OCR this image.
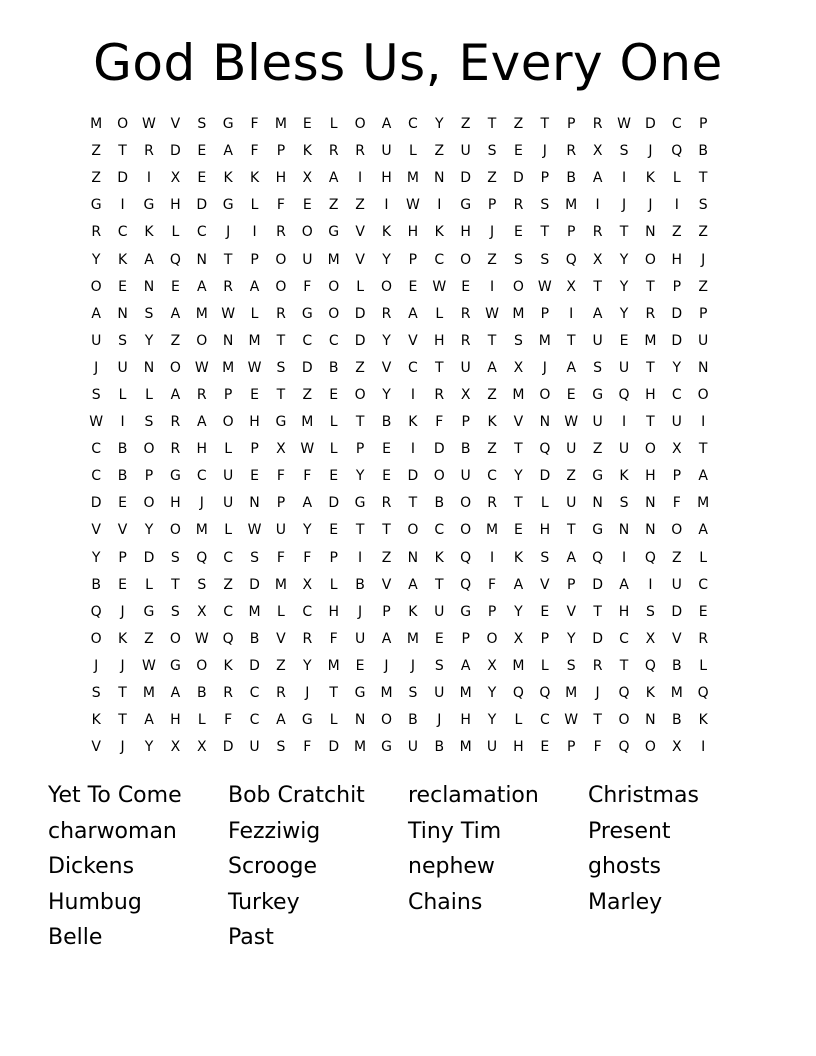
God Bless Us, Every One
M	O W	V	S	G	F	M	E	L	O	A	C	Y	Z	T	Z	T	P	R	W	D	C	P
Z	T	R	D	E	A	F	P	K	R	R	U	L	Z	U	S	E	J	R	X	S	J	Q	B
Z	D	I	X	E	K	K	H	X	A	I	H	M	N	D	Z	D	P	B	A	I	K	L	T
G	I	G	H	D	G	L	F	E	Z	Z	I	W	I	G	P	R	S	M	I	J	J	I	S
R	C	K	L	C	J	I	R	O	G	V	K	H	K	H	J	E	T	P	R	T	N	Z	Z
Y	K	A	Q	N	T	P	O	U	M	V	Y	P	C	O	Z	S	S	Q	X	Y	O	H	J
O	E	N	E	A	R	A	O	F	O	L	O	E	W	E	I	O W	X	T	Y	T	P	Z
A	N	S	A	M W	L	R	G	O	D	R	A	L	R	W M	P	I	A	Y	R	D	P
U	S	Y	Z	O	N	M	T	C	C	D	Y	V	H	R	T	S	M	T	U	E	M	D	U
J	U	N	O W M W	S	D	B	Z	V	C	T	U	A	X	J	A	S	U	T	Y	N
S	L	L	A	R	P	E	T	Z	E	O	Y	I	R	X	Z	M	O	E	G	Q	H	C	O
W	I	S	R	A	O	H	G	M	L	T	B	K	F	P	K	V	N	W	U	I	T	U	I
C	B	O	R	H	L	P	X	W	L	P	E	I	D	B	Z	T	Q	U	Z	U	O	X	T
C	B	P	G	C	U	E	F	F	E	Y	E	D	O	U	C	Y	D	Z	G	K	H	P	A
D	E	O	H	J	U	N	P	A	D	G	R	T	B	O	R	T	L	U	N	S	N	F	M
V	V	Y	O	M	L	W	U	Y	E	T	T	O	C	O	M	E	H	T	G	N	N	O	A
Y	P	D	S	Q	C	S	F	F	P	I	Z	N	K	Q	I	K	S	A	Q	I	Q	Z	L
B	E	L	T	S	Z	D	M	X	L	B	V	A	T	Q	F	A	V	P	D	A	I	U	C
Q	J	G	S	X	C	M	L	C	H	J	P	K	U	G	P	Y	E	V	T	H	S	D	E
O	K	Z	O W Q	B	V	R	F	U	A	M	E	P	O	X	P	Y	D	C	X	V	R
J	J	W	G	O	K	D	Z	Y	M	E	J	J	S	A	X	M	L	S	R	T	Q	B	L
S	T	M	A	B	R	C	R	J	T	G	M	S	U	M	Y	Q	Q	M	J	Q	K	M	Q
K	T	A	H	L	F	C	A	G	L	N	O	B	J	H	Y	L	C	W	T	O	N	B	K
V	J	Y	X	X	D	U	S	F	D	M	G	U	B	M	U	H	E	P	F	Q	O	X	I
Yet To Come	Bob Cratchit	reclamation	Christmas
charwoman	Fezziwig	Tiny Tim	Present
Dickens	Scrooge	nephew	ghosts
Humbug	Turkey	Chains	Marley
Belle	Past
